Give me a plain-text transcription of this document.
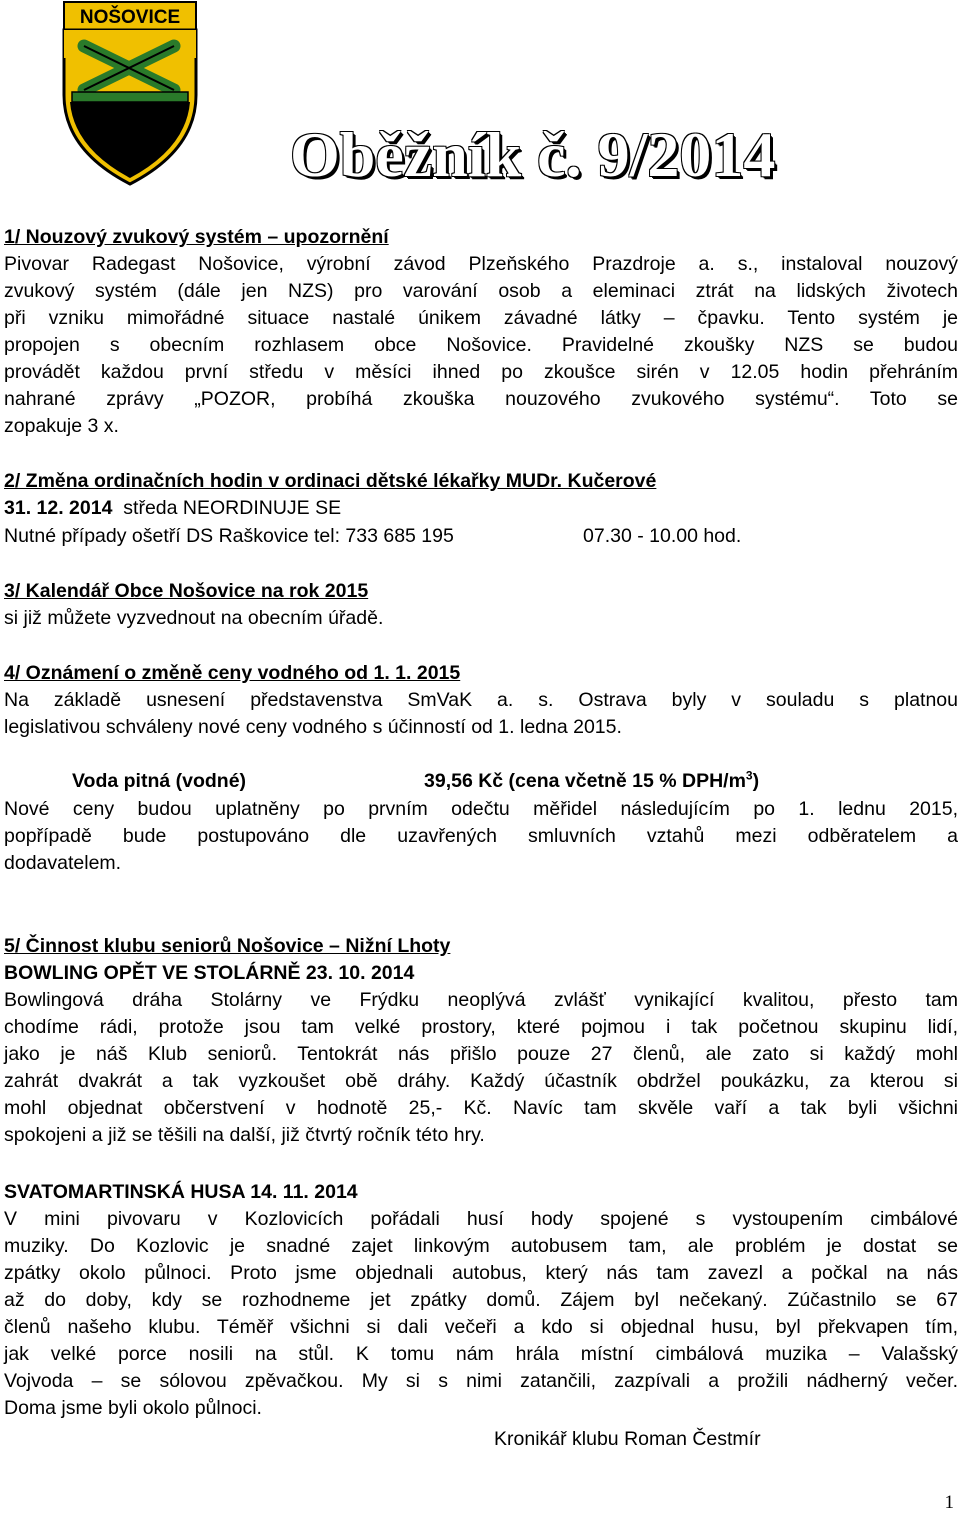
NOŠOVICE
Oběžník č. 9/2014
1/ Nouzový zvukový systém – upozornění
Pivovar Radegast Nošovice, výrobní závod Plzeňského Prazdroje a. s., instaloval nouzový
zvukový systém (dále jen NZS) pro varování osob a eleminaci ztrát na lidských životech
při vzniku mimořádné situace nastalé únikem závadné látky – čpavku. Tento systém je
propojen s obecním rozhlasem obce Nošovice. Pravidelné zkoušky NZS se budou
provádět každou první středu v měsíci ihned po zkoušce sirén v 12.05 hodin přehráním
nahrané zprávy „POZOR, probíhá zkouška nouzového zvukového systému“. Toto se
zopakuje 3 x.
2/ Změna ordinačních hodin v ordinaci dětské lékařky MUDr. Kučerové
31. 12. 2014 středa NEORDINUJE SE
Nutné případy ošetří DS Raškovice tel: 733 685 195	07.30 - 10.00 hod.
3/ Kalendář Obce Nošovice na rok 2015
si již můžete vyzvednout na obecním úřadě.
4/ Oznámení o změně ceny vodného od 1. 1. 2015
Na základě usnesení představenstva SmVaK a. s. Ostrava byly v souladu s platnou
legislativou schváleny nové ceny vodného s účinností od 1. ledna 2015.
Voda pitná (vodné)	39,56 Kč (cena včetně 15 % DPH/$m^3$)
Nové ceny budou uplatněny po prvním odečtu měřidel následujícím po 1. lednu 2015,
popřípadě bude postupováno dle uzavřených smluvních vztahů mezi odběratelem a
dodavatelem.
5/ Činnost klubu seniorů Nošovice – Nižní Lhoty
BOWLING OPĚT VE STOLÁRNĚ 23. 10. 2014
Bowlingová dráha Stolárny ve Frýdku neoplývá zvlášť vynikající kvalitou, přesto tam
chodíme rádi, protože jsou tam velké prostory, které pojmou i tak početnou skupinu lidí,
jako je náš Klub seniorů. Tentokrát nás přišlo pouze 27 členů, ale zato si každý mohl
zahrát dvakrát a tak vyzkoušet obě dráhy. Každý účastník obdržel poukázku, za kterou si
mohl objednat občerstvení v hodnotě 25,- Kč. Navíc tam skvěle vaří a tak byli všichni
spokojeni a již se těšili na další, již čtvrtý ročník této hry.
SVATOMARTINSKÁ HUSA 14. 11. 2014
V mini pivovaru v Kozlovicích pořádali husí hody spojené s vystoupením cimbálové
muziky. Do Kozlovic je snadné zajet linkovým autobusem tam, ale problém je dostat se
zpátky okolo půlnoci. Proto jsme objednali autobus, který nás tam zavezl a počkal na nás
až do doby, kdy se rozhodneme jet zpátky domů. Zájem byl nečekaný. Zúčastnilo se 67
členů našeho klubu. Téměř všichni si dali večeři a kdo si objednal husu, byl překvapen tím,
jak velké porce nosili na stůl. K tomu nám hrála místní cimbálová muzika – Valašský
Vojvoda – se sólovou zpěvačkou. My si s nimi zatančili, zazpívali a prožili nádherný večer.
Doma jsme byli okolo půlnoci.
Kronikář klubu Roman Čestmír
1
